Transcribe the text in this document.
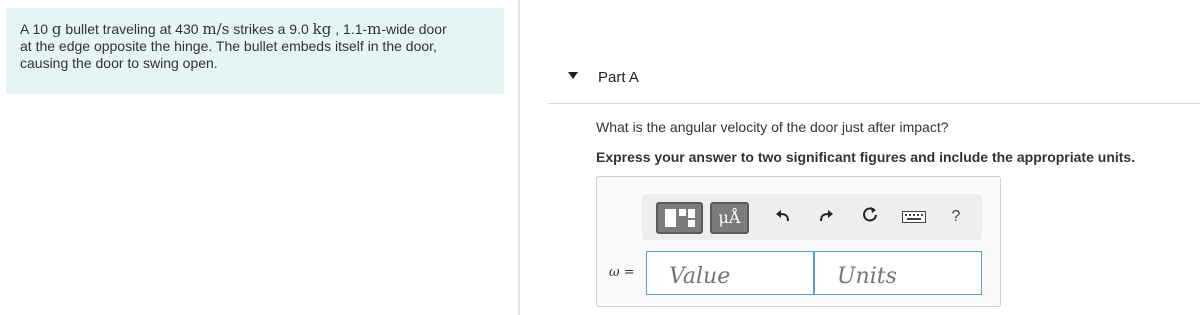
A 10 g bullet traveling at 430 m/s strikes a 9.0 kg , 1.1-m-wide door
at the edge opposite the hinge. The bullet embeds itself in the door,
causing the door to swing open.
Part A
What is the angular velocity of the door just after impact?
Express your answer to two significant figures and include the appropriate units.
μÅ	?
ω =
Value
Units
